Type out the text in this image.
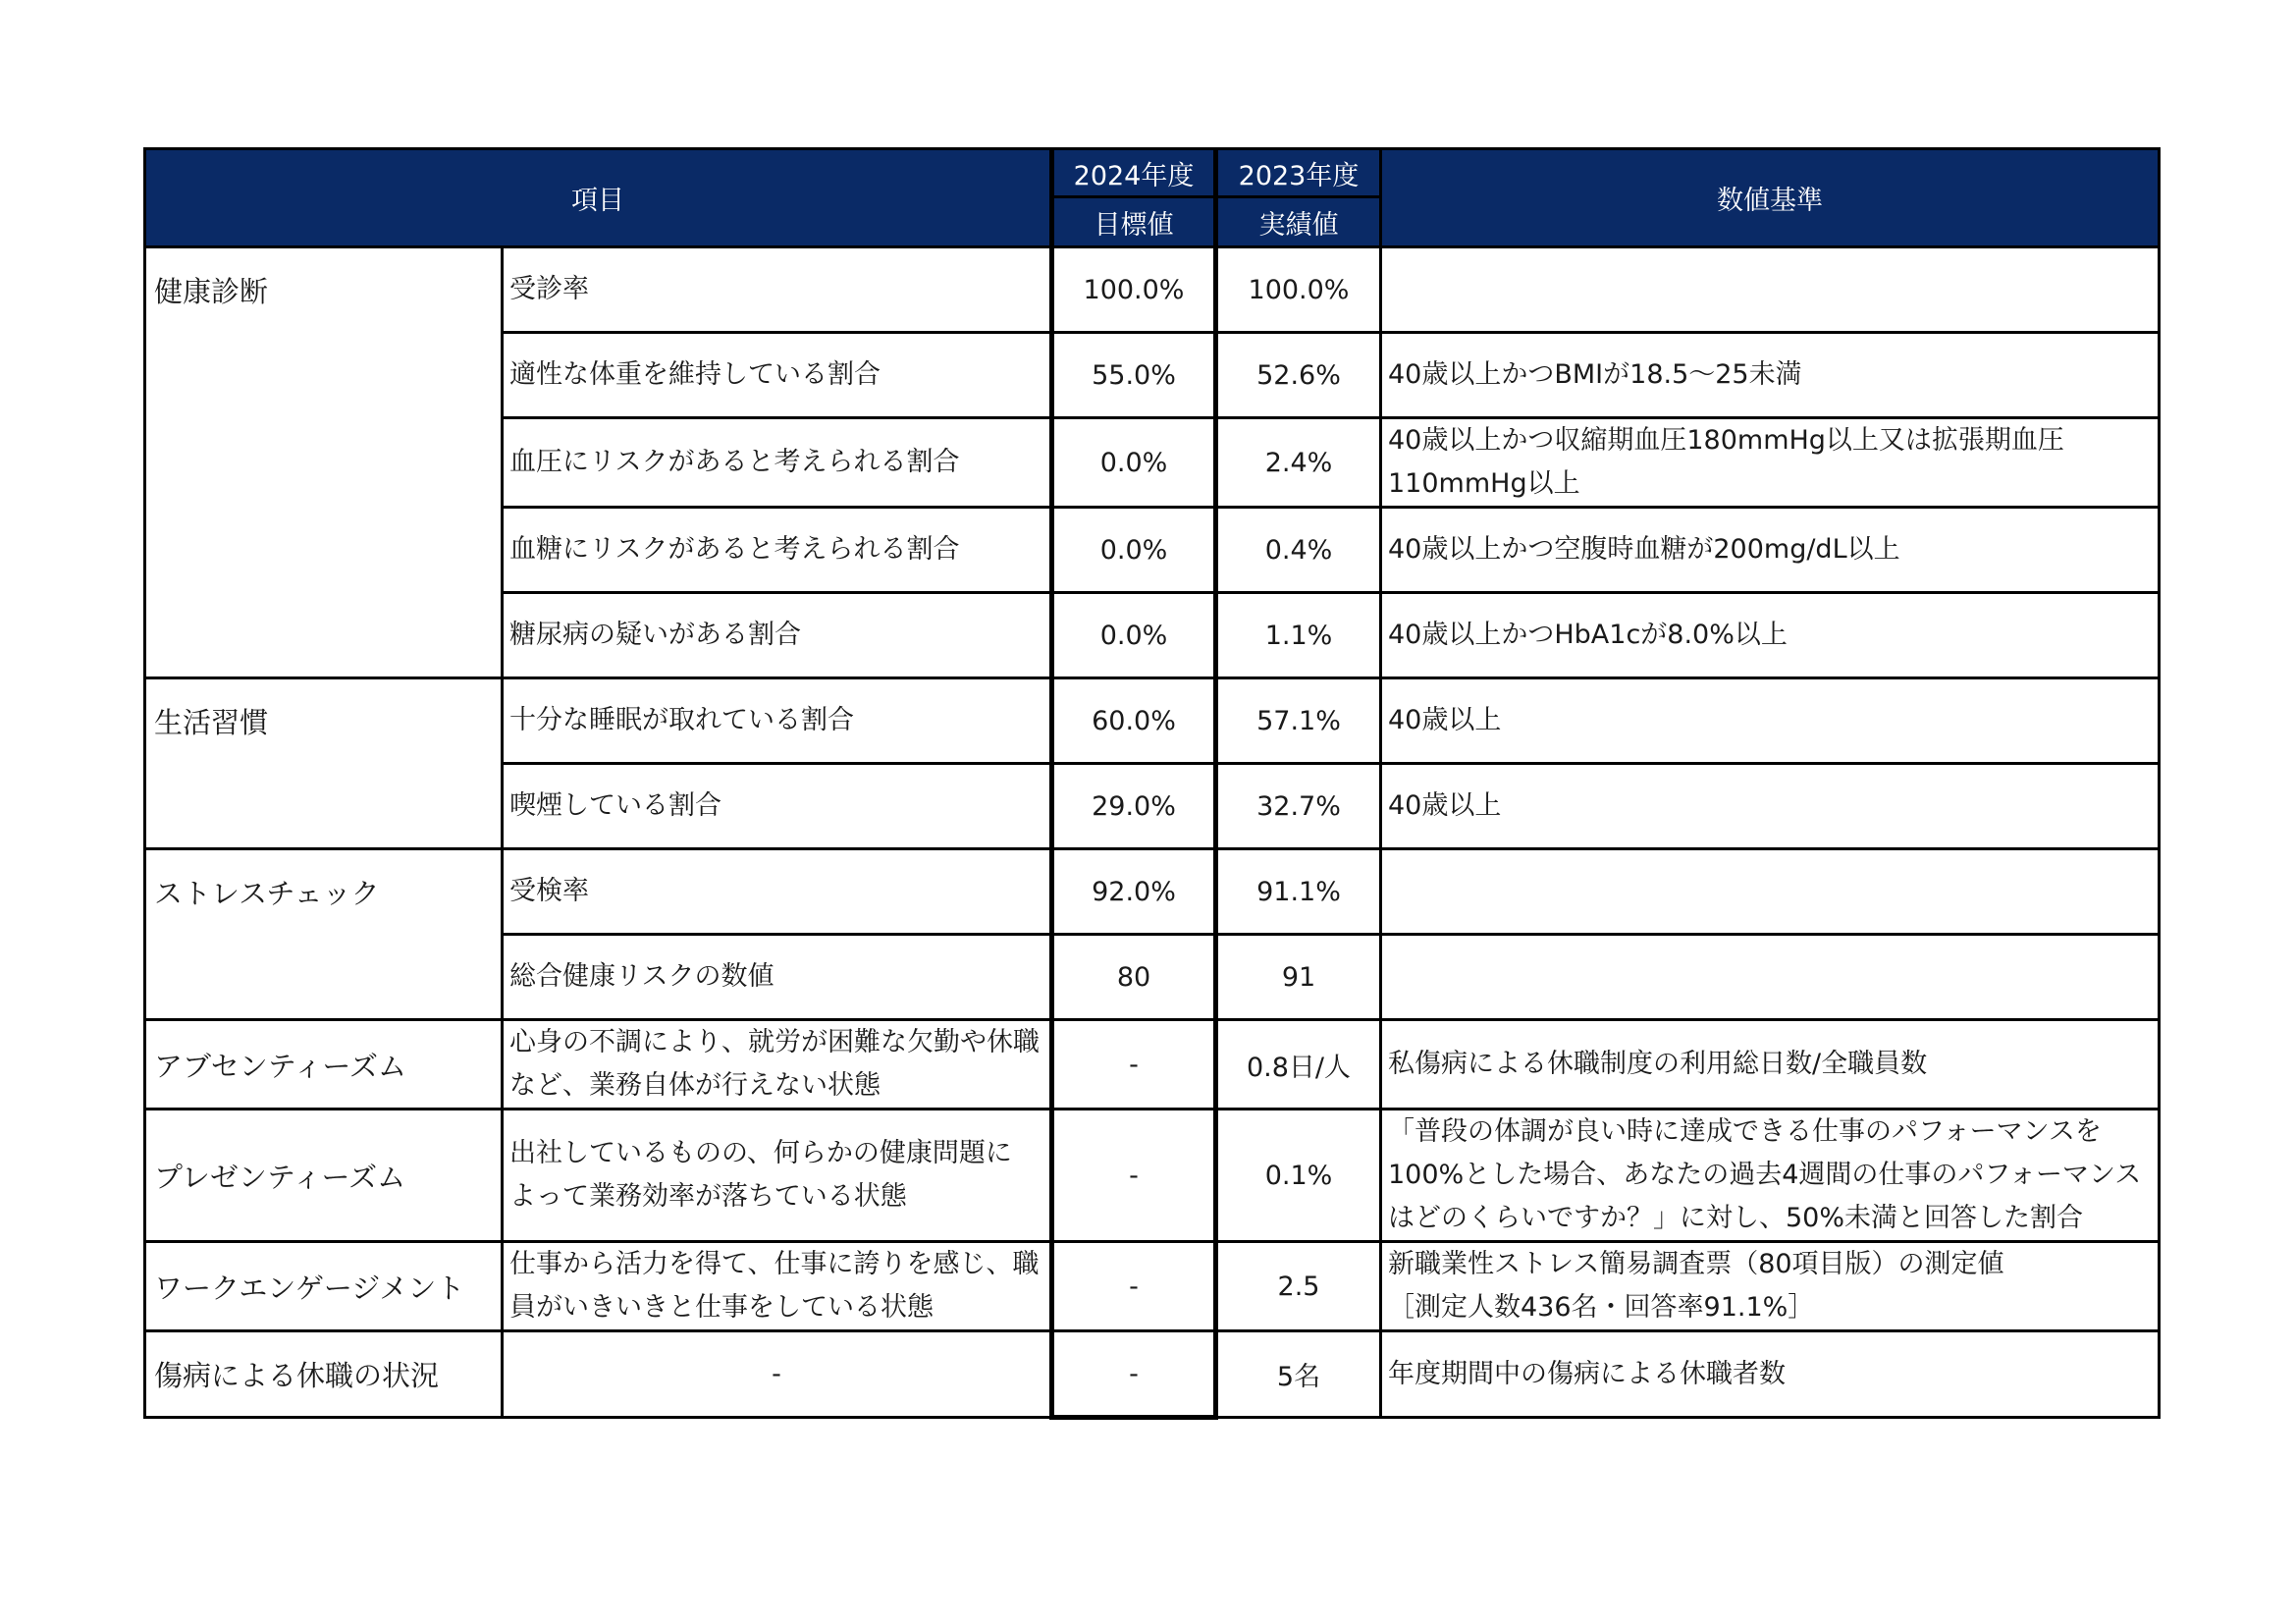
項目		2024年度	2023年度	数値基準
		目標値	実績値	
健康診断	受診率	100.0%	100.0%	
	適性な体重を維持している割合	55.0%	52.6%	40歳以上かつBMIが18.5～25未満
	血圧にリスクがあると考えられる割合	0.0%	2.4%	40歳以上かつ収縮期血圧180mmHg以上又は拡張期血圧
110mmHg以上
	血糖にリスクがあると考えられる割合	0.0%	0.4%	40歳以上かつ空腹時血糖が200mg/dL以上
	糖尿病の疑いがある割合	0.0%	1.1%	40歳以上かつHbA1cが8.0%以上
生活習慣	十分な睡眠が取れている割合	60.0%	57.1%	40歳以上
	喫煙している割合	29.0%	32.7%	40歳以上
ストレスチェック	受検率	92.0%	91.1%	
	総合健康リスクの数値	80	91	
アブセンティーズム	心身の不調により、就労が困難な欠勤や休職
など、業務自体が行えない状態	-	0.8日/人	私傷病による休職制度の利用総日数/全職員数
プレゼンティーズム	出社しているものの、何らかの健康問題に
よって業務効率が落ちている状態	-	0.1%	「普段の体調が良い時に達成できる仕事のパフォーマンスを
100%とした場合、あなたの過去4週間の仕事のパフォーマンス
はどのくらいですか？」に対し、50%未満と回答した割合
ワークエンゲージメント	仕事から活力を得て、仕事に誇りを感じ、職
員がいきいきと仕事をしている状態	-	2.5	新職業性ストレス簡易調査票（80項目版）の測定値
［測定人数436名・回答率91.1%］
傷病による休職の状況	-	-	5名	年度期間中の傷病による休職者数
